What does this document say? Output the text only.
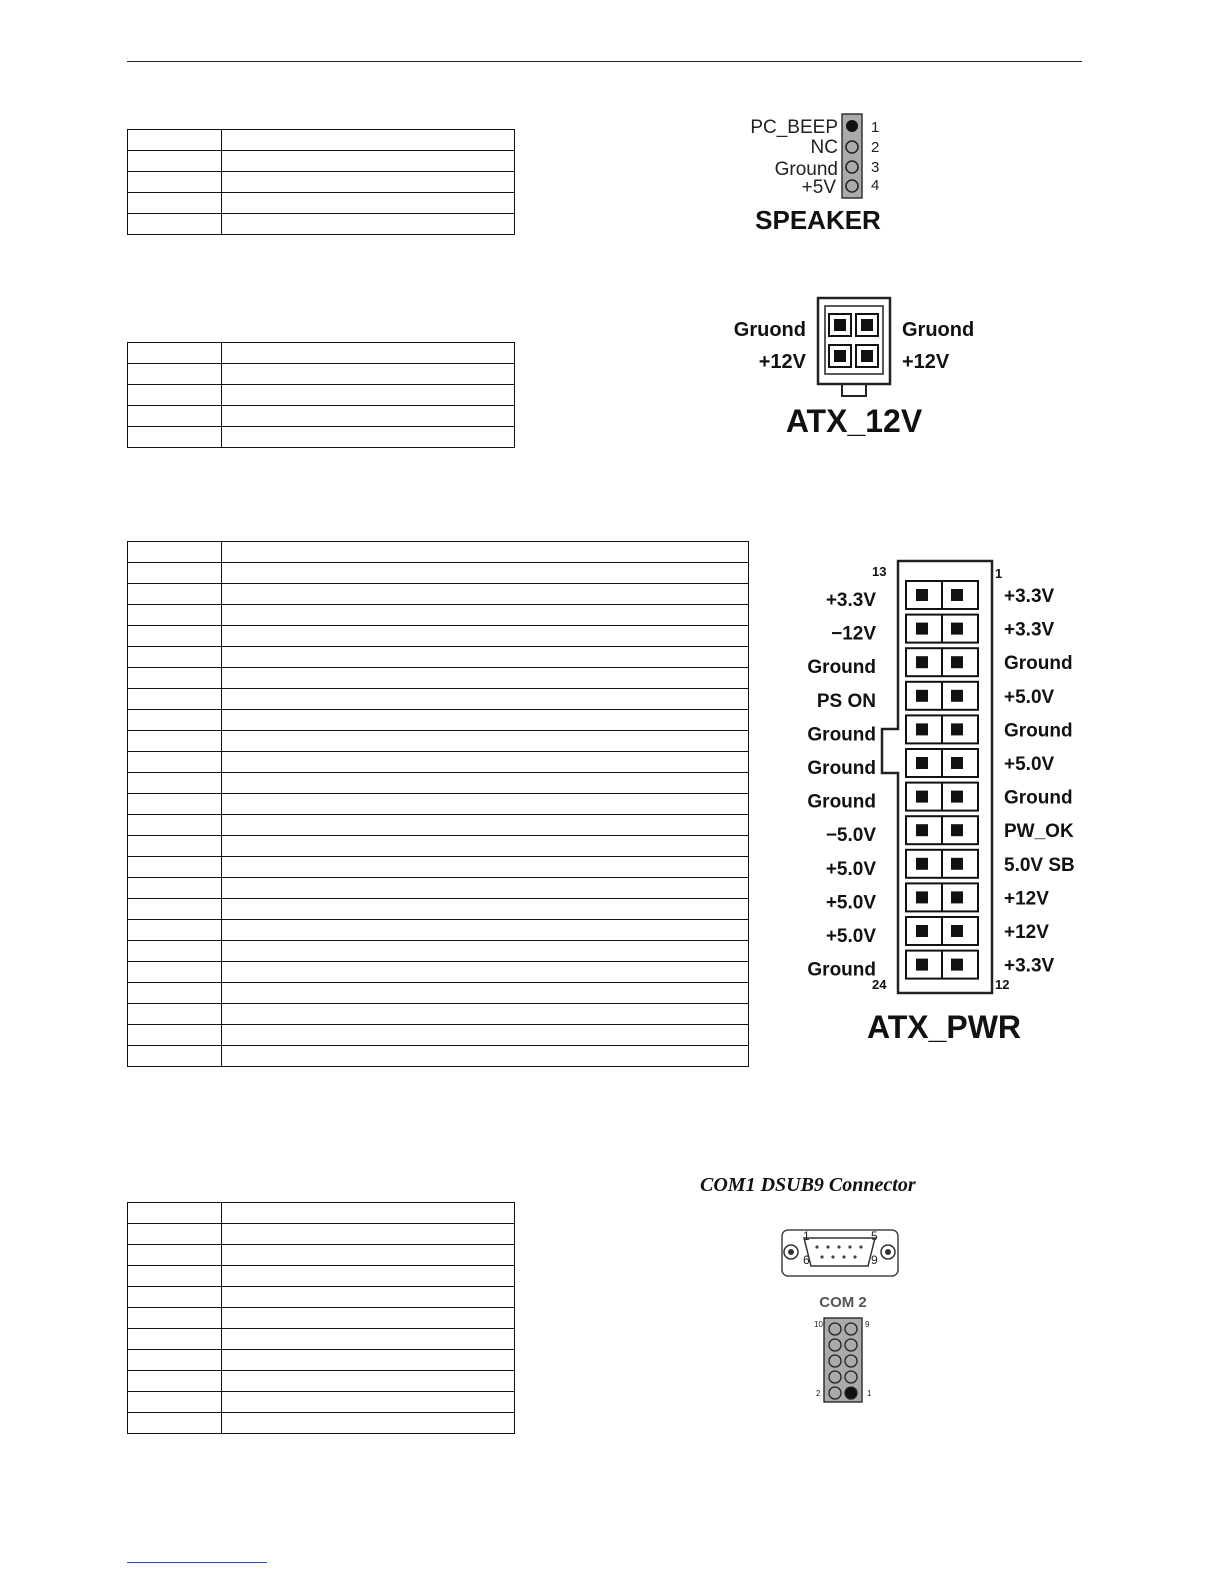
PC_BEEP
NC
Ground
+5V
1
2
3
4
SPEAKER
Gruond
+12V
Gruond
+12V
ATX_12V
13	1
24	12
+3.3V	+3.3V
−12V	+3.3V
Ground	Ground
PS ON	+5.0V
Ground	Ground
Ground	+5.0V
Ground	Ground
−5.0V	PW_OK
+5.0V	5.0V SB
+5.0V	+12V
+5.0V	+12V
Ground	+3.3V
ATX_PWR
COM1 DSUB9 Connector
1	5
6	9
COM 2
10	9
2	1
